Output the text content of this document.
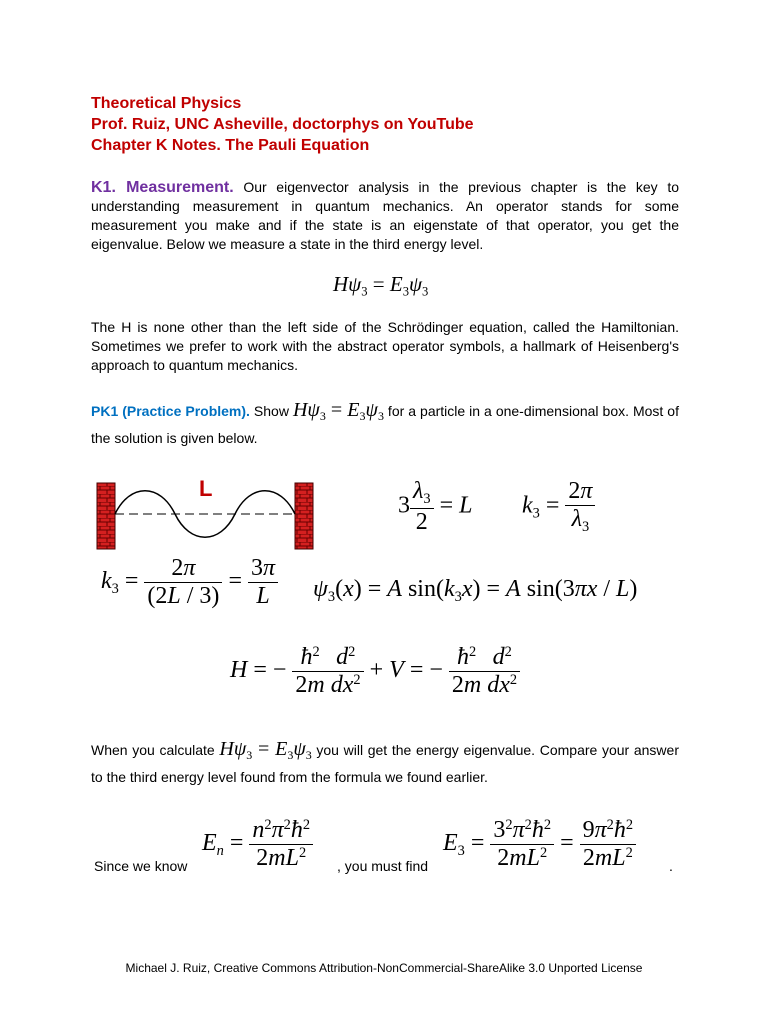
Theoretical Physics
Prof. Ruiz, UNC Asheville, doctorphys on YouTube
Chapter K Notes. The Pauli Equation
K1. Measurement. Our eigenvector analysis in the previous chapter is the key to understanding measurement in quantum mechanics. An operator stands for some measurement you make and if the state is an eigenstate of that operator, you get the eigenvalue. Below we measure a state in the third energy level.
$H\psi_3 = E_3\psi_3$
The H is none other than the left side of the Schrödinger equation, called the Hamiltonian. Sometimes we prefer to work with the abstract operator symbols, a hallmark of Heisenberg's approach to quantum mechanics.
PK1 (Practice Problem). Show $H\psi_3 = E_3\psi_3$ for a particle in a one-dimensional box. Most of the solution is given below.
L
$3 \frac{\lambda_3}{2} = L$ $k_3 = \frac{2\pi}{\lambda_3}$
$k_3 = \frac{2\pi}{(2L / 3)} = \frac{3\pi}{L} \psi_3(x) = A$ $\sin(k_3x) = A$ sin(3πx / L)
H = − $\frac{ħ^2}{2m} \frac{d^2}{dx^2} + V$ = − $\frac{ħ^2}{2m} \frac{d^2}{dx^2}$
When you calculate $H\psi_3 = E_3\psi_3$ you will get the energy eigenvalue. Compare your answer to the third energy level found from the formula we found earlier.
Since we know
$E_n = \frac{n^2\pi^2ħ^2}{2mL^2}$ , you must find
$E_3 = \frac{3^2\pi^2ħ^2}{2mL^2} = \frac{9\pi^2ħ^2}{2mL^2}$ .
Michael J. Ruiz, Creative Commons Attribution-NonCommercial-ShareAlike 3.0 Unported License
